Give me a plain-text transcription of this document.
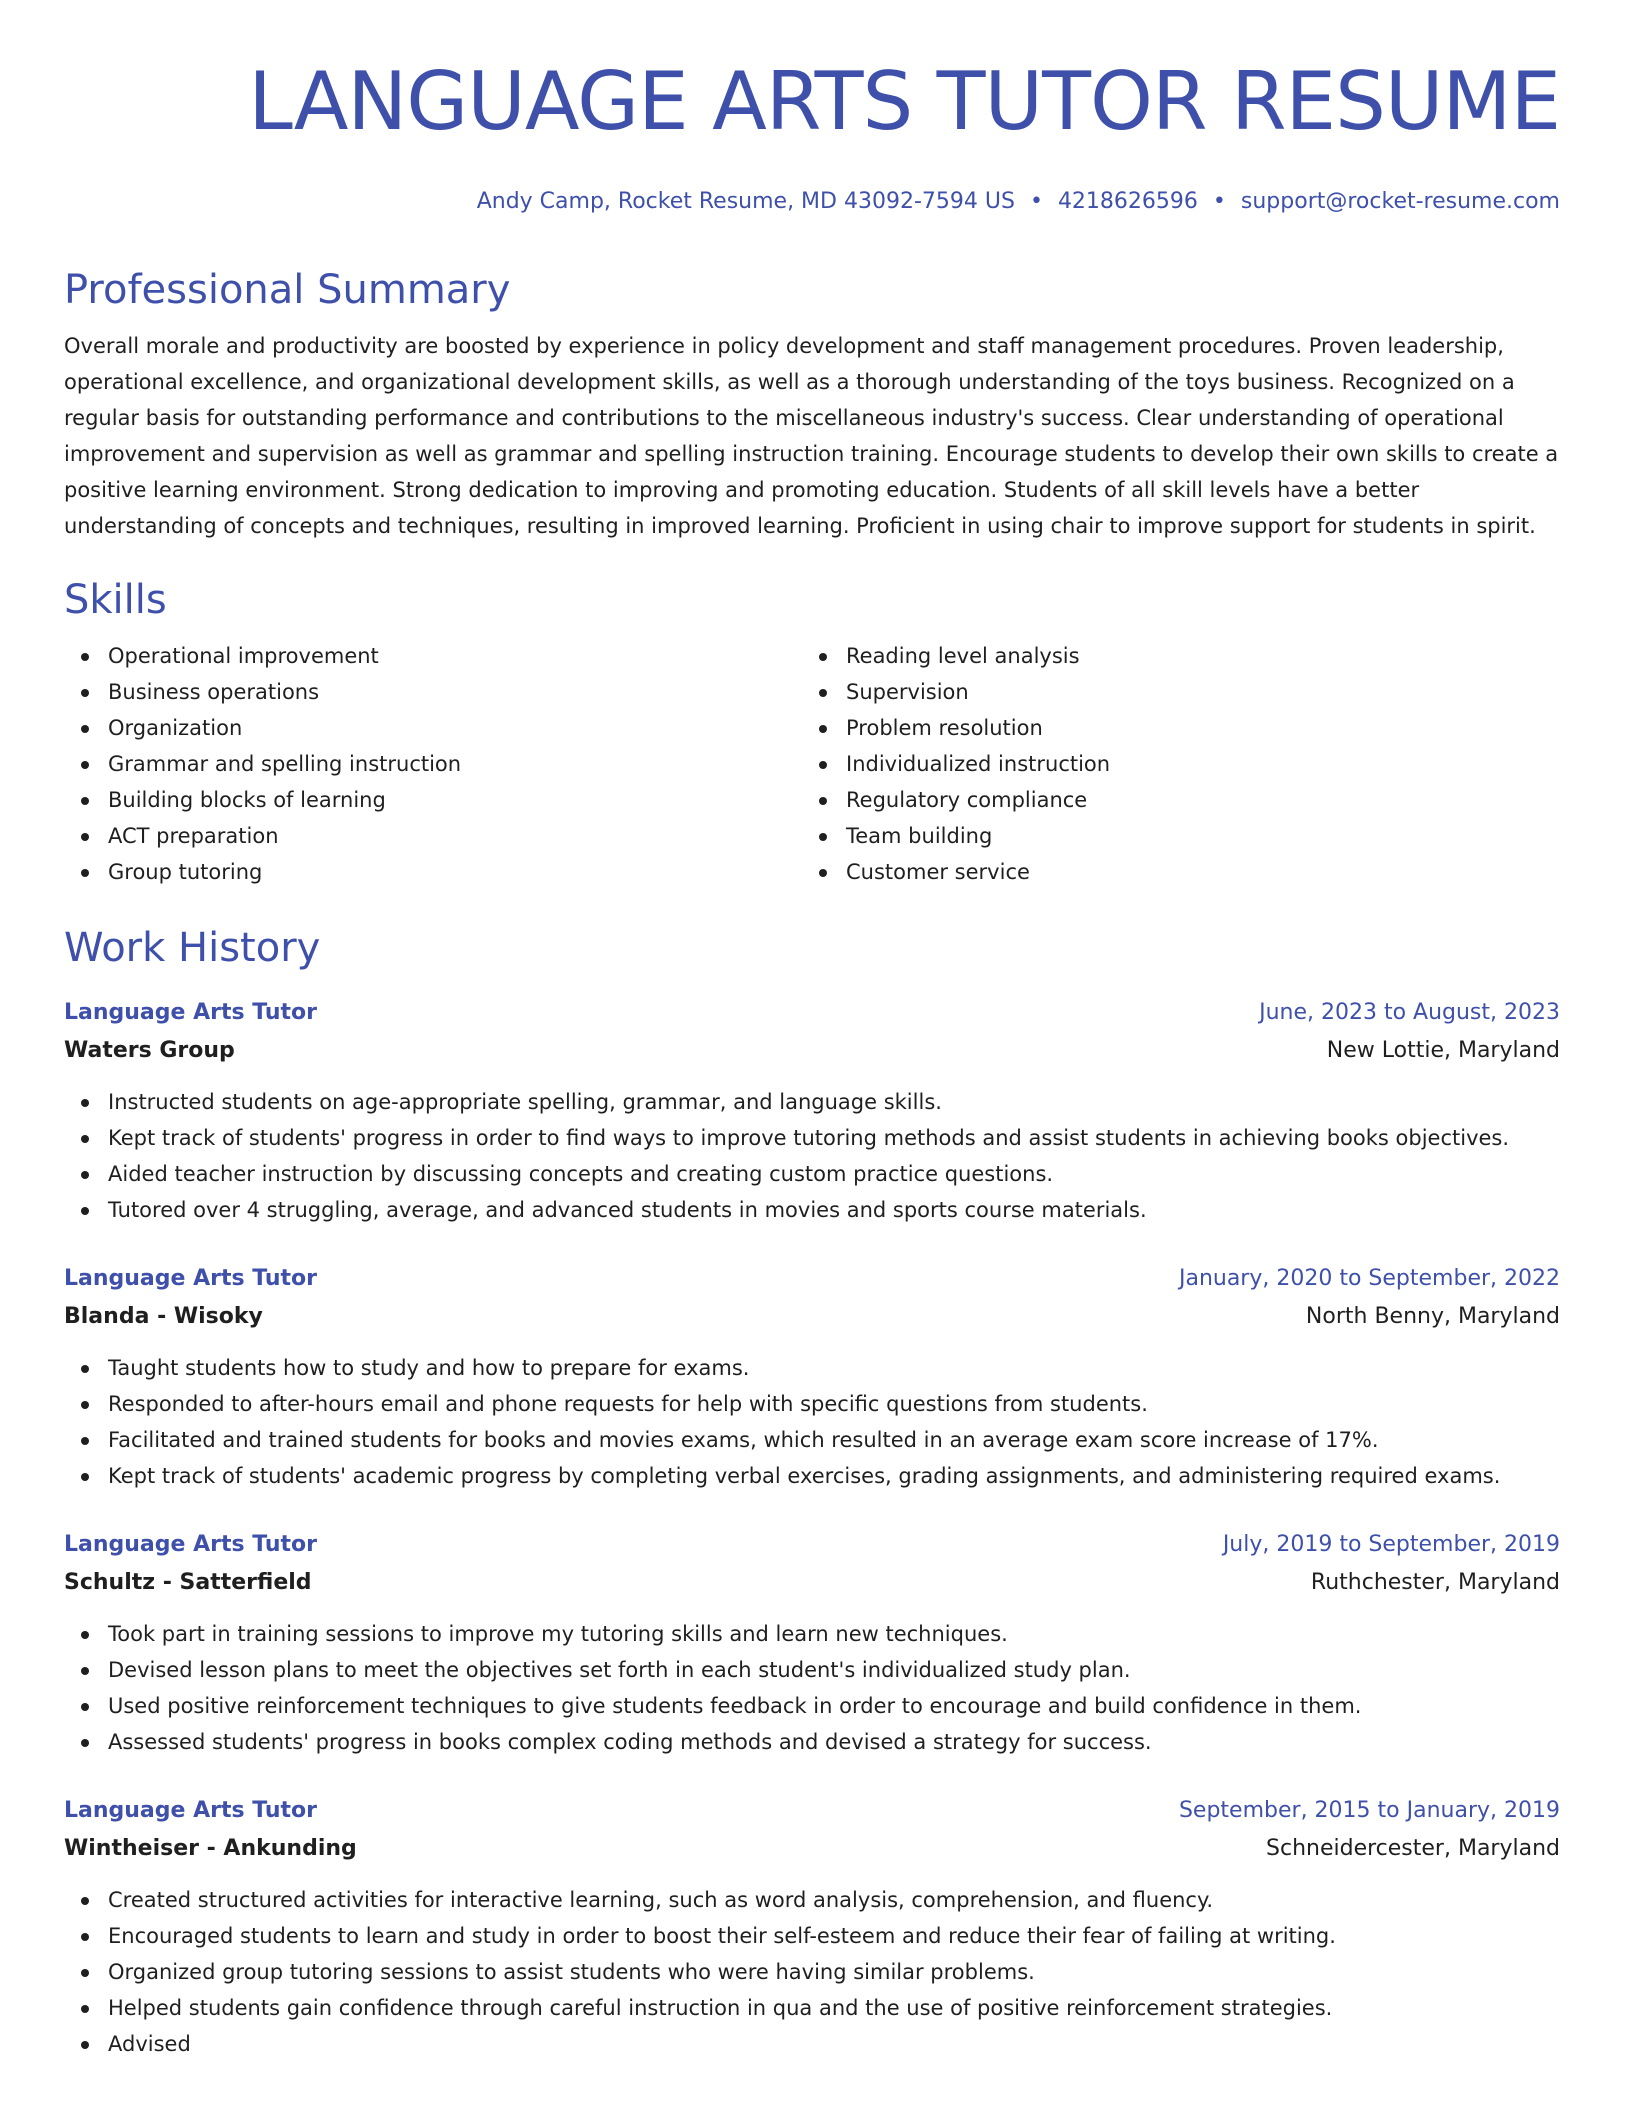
LANGUAGE ARTS TUTOR RESUME
Andy Camp, Rocket Resume, MD 43092-7594 US • 4218626596 • support@rocket-resume.com
Professional Summary

Overall morale and productivity are boosted by experience in policy development and staff management procedures. Proven leadership, operational excellence, and organizational development skills, as well as a thorough understanding of the toys business. Recognized on a regular basis for outstanding performance and contributions to the miscellaneous industry's success. Clear understanding of operational improvement and supervision as well as grammar and spelling instruction training. Encourage students to develop their own skills to create a positive learning environment. Strong dedication to improving and promoting education. Students of all skill levels have a better understanding of concepts and techniques, resulting in improved learning. Proficient in using chair to improve support for students in spirit.

Skills
Operational improvement
Business operations
Organization
Grammar and spelling instruction
Building blocks of learning
ACT preparation
Group tutoring
Reading level analysis
Supervision
Problem resolution
Individualized instruction
Regulatory compliance
Team building
Customer service
Work History
Language Arts Tutor	June, 2023 to August, 2023
Waters Group	New Lottie, Maryland
Instructed students on age-appropriate spelling, grammar, and language skills.
Kept track of students' progress in order to find ways to improve tutoring methods and assist students in achieving books objectives.
Aided teacher instruction by discussing concepts and creating custom practice questions.
Tutored over 4 struggling, average, and advanced students in movies and sports course materials.
Language Arts Tutor	January, 2020 to September, 2022
Blanda - Wisoky	North Benny, Maryland
Taught students how to study and how to prepare for exams.
Responded to after-hours email and phone requests for help with specific questions from students.
Facilitated and trained students for books and movies exams, which resulted in an average exam score increase of 17%.
Kept track of students' academic progress by completing verbal exercises, grading assignments, and administering required exams.
Language Arts Tutor	July, 2019 to September, 2019
Schultz - Satterfield	Ruthchester, Maryland
Took part in training sessions to improve my tutoring skills and learn new techniques.
Devised lesson plans to meet the objectives set forth in each student's individualized study plan.
Used positive reinforcement techniques to give students feedback in order to encourage and build confidence in them.
Assessed students' progress in books complex coding methods and devised a strategy for success.
Language Arts Tutor	September, 2015 to January, 2019
Wintheiser - Ankunding	Schneidercester, Maryland
Created structured activities for interactive learning, such as word analysis, comprehension, and fluency.
Encouraged students to learn and study in order to boost their self-esteem and reduce their fear of failing at writing.
Organized group tutoring sessions to assist students who were having similar problems.
Helped students gain confidence through careful instruction in qua and the use of positive reinforcement strategies.
Advised
